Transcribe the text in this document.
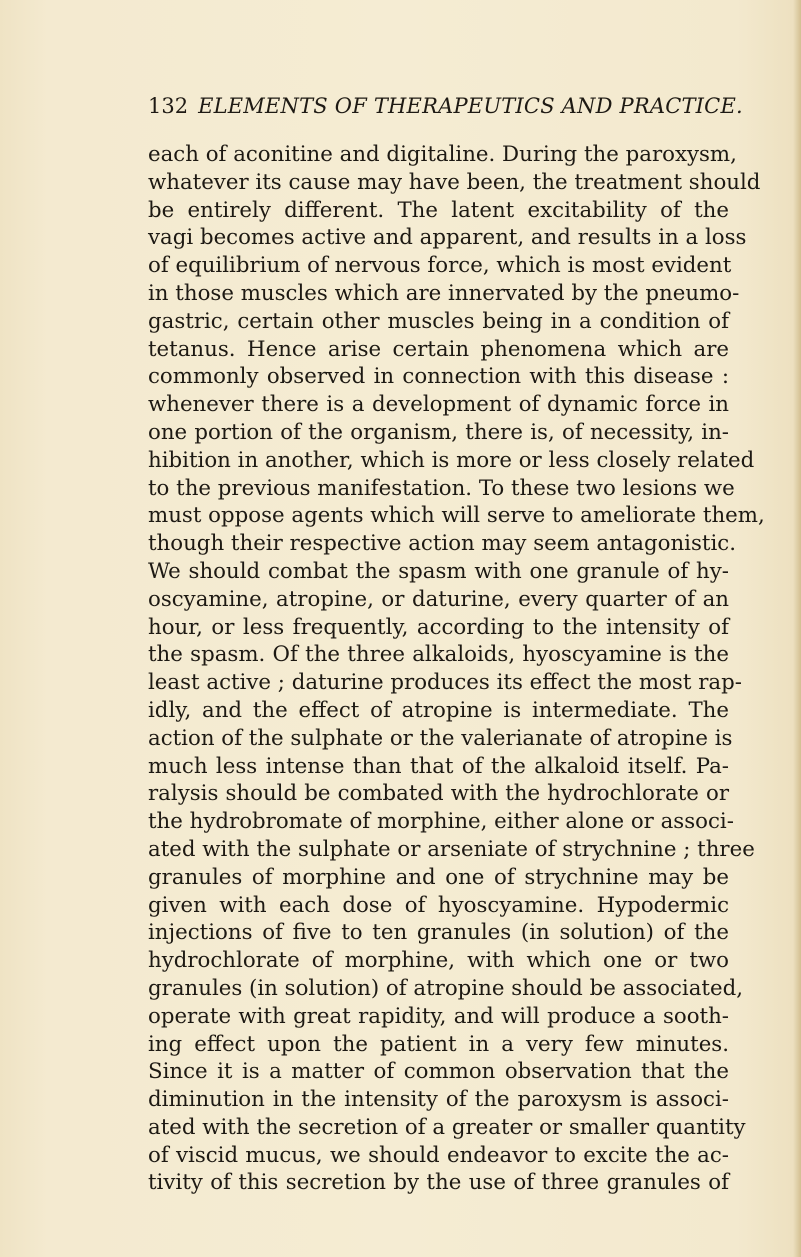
132 ELEMENTS OF THERAPEUTICS AND PRACTICE.
each of aconitine and digitaline. During the paroxysm,
whatever its cause may have been, the treatment should
be entirely different. The latent excitability of the
vagi becomes active and apparent, and results in a loss
of equilibrium of nervous force, which is most evident
in those muscles which are innervated by the pneumo-
gastric, certain other muscles being in a condition of
tetanus. Hence arise certain phenomena which are
commonly observed in connection with this disease :
whenever there is a development of dynamic force in
one portion of the organism, there is, of necessity, in-
hibition in another, which is more or less closely related
to the previous manifestation. To these two lesions we
must oppose agents which will serve to ameliorate them,
though their respective action may seem antagonistic.
We should combat the spasm with one granule of hy-
oscyamine, atropine, or daturine, every quarter of an
hour, or less frequently, according to the intensity of
the spasm. Of the three alkaloids, hyoscyamine is the
least active ; daturine produces its effect the most rap-
idly, and the effect of atropine is intermediate. The
action of the sulphate or the valerianate of atropine is
much less intense than that of the alkaloid itself. Pa-
ralysis should be combated with the hydrochlorate or
the hydrobromate of morphine, either alone or associ-
ated with the sulphate or arseniate of strychnine ; three
granules of morphine and one of strychnine may be
given with each dose of hyoscyamine. Hypodermic
injections of five to ten granules (in solution) of the
hydrochlorate of morphine, with which one or two
granules (in solution) of atropine should be associated,
operate with great rapidity, and will produce a sooth-
ing effect upon the patient in a very few minutes.
Since it is a matter of common observation that the
diminution in the intensity of the paroxysm is associ-
ated with the secretion of a greater or smaller quantity
of viscid mucus, we should endeavor to excite the ac-
tivity of this secretion by the use of three granules of
